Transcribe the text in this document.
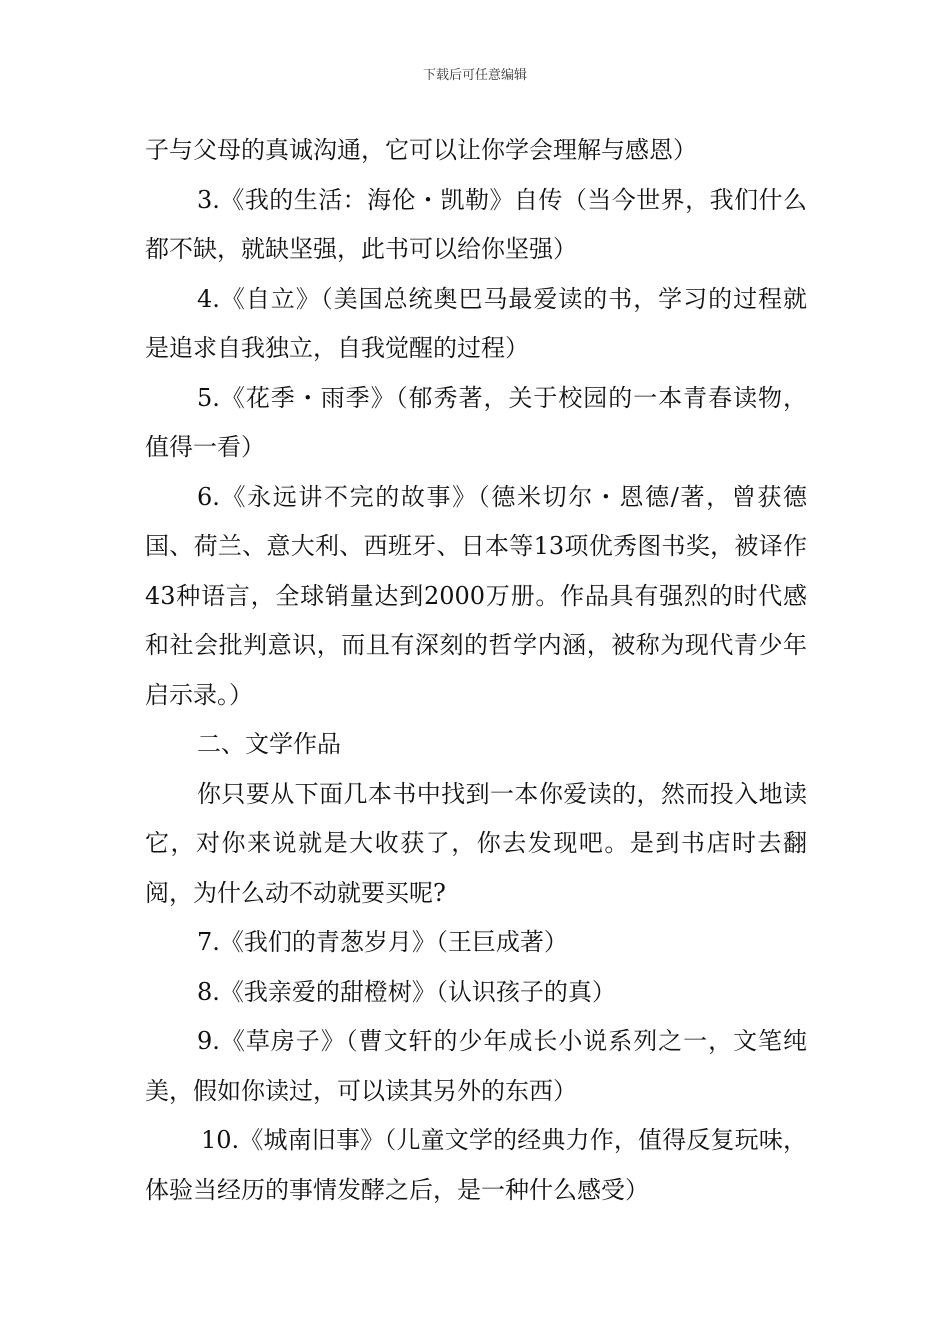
下载后可任意编辑

子与父母的真诚沟通，它可以让你学会理解与感恩）

3.《我的生活：海伦・凯勒》自传（当今世界，我们什么都不缺，就缺坚强，此书可以给你坚强）

4.《自立》（美国总统奥巴马最爱读的书，学习的过程就是追求自我独立，自我觉醒的过程）

5.《花季・雨季》（郁秀著，关于校园的一本青春读物，值得一看）

6.《永远讲不完的故事》（德米切尔・恩德/著，曾获德国、荷兰、意大利、西班牙、日本等13项优秀图书奖，被译作43种语言，全球销量达到2000万册。作品具有强烈的时代感和社会批判意识，而且有深刻的哲学内涵，被称为现代青少年启示录。）

二、文学作品

你只要从下面几本书中找到一本你爱读的，然而投入地读它，对你来说就是大收获了，你去发现吧。是到书店时去翻阅，为什么动不动就要买呢?

7.《我们的青葱岁月》（王巨成著）

8.《我亲爱的甜橙树》（认识孩子的真）

9.《草房子》（曹文轩的少年成长小说系列之一，文笔纯美，假如你读过，可以读其另外的东西）

10.《城南旧事》（儿童文学的经典力作，值得反复玩味，体验当经历的事情发酵之后，是一种什么感受）
